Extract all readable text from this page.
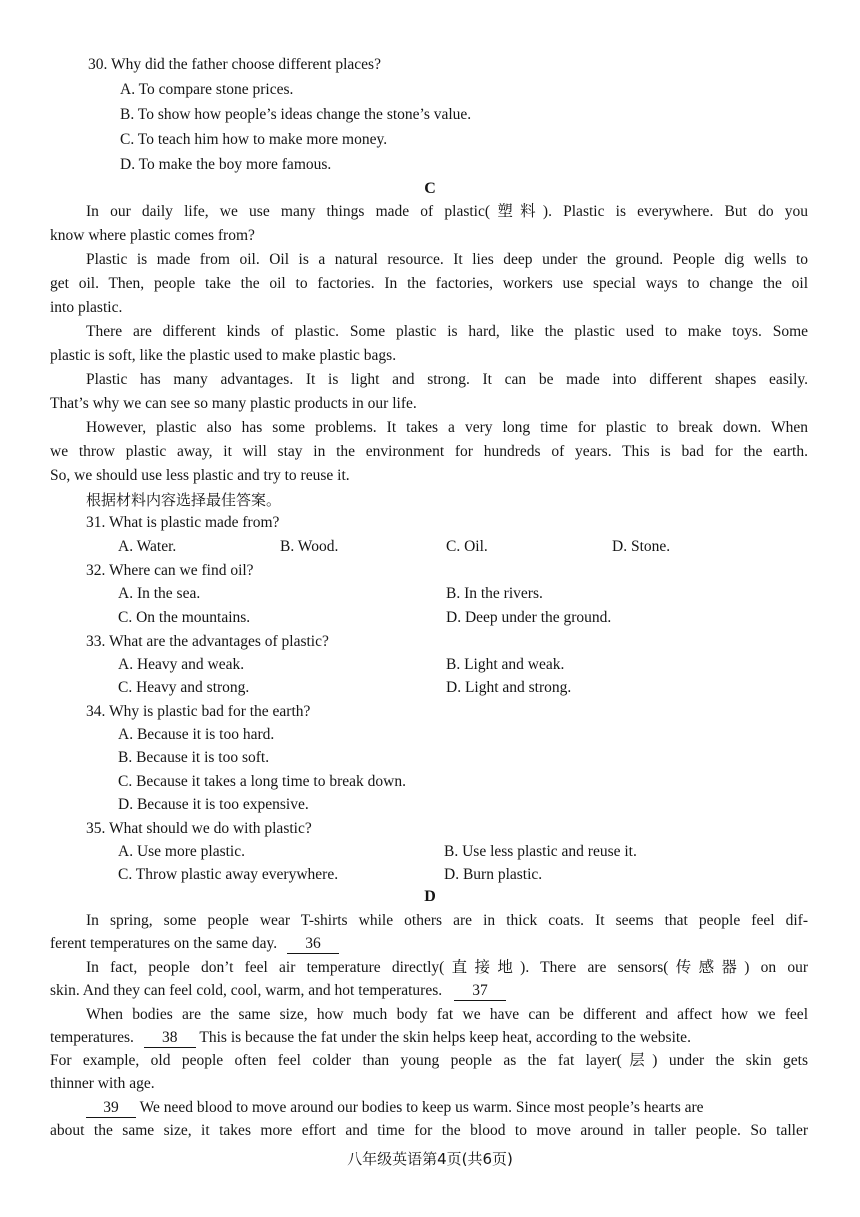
30. Why did the father choose different places?
A. To compare stone prices.
B. To show how people’s ideas change the stone’s value.
C. To teach him how to make more money.
D. To make the boy more famous.
C
In our daily life, we use many things made of plastic(塑料). Plastic is everywhere. But do you
know where plastic comes from?
Plastic is made from oil. Oil is a natural resource. It lies deep under the ground. People dig wells to
get oil. Then, people take the oil to factories. In the factories, workers use special ways to change the oil
into plastic.
There are different kinds of plastic. Some plastic is hard, like the plastic used to make toys. Some
plastic is soft, like the plastic used to make plastic bags.
Plastic has many advantages. It is light and strong. It can be made into different shapes easily.
That’s why we can see so many plastic products in our life.
However, plastic also has some problems. It takes a very long time for plastic to break down. When
we throw plastic away, it will stay in the environment for hundreds of years. This is bad for the earth.
So, we should use less plastic and try to reuse it.
根据材料内容选择最佳答案。
31. What is plastic made from?
A. Water.	B. Wood.	C. Oil.	D. Stone.
32. Where can we find oil?
A. In the sea.	B. In the rivers.
C. On the mountains.	D. Deep under the ground.
33. What are the advantages of plastic?
A. Heavy and weak.	B. Light and weak.
C. Heavy and strong.	D. Light and strong.
34. Why is plastic bad for the earth?
A. Because it is too hard.
B. Because it is too soft.
C. Because it takes a long time to break down.
D. Because it is too expensive.
35. What should we do with plastic?
A. Use more plastic.	B. Use less plastic and reuse it.
C. Throw plastic away everywhere.	D. Burn plastic.
D
In spring, some people wear T-shirts while others are in thick coats. It seems that people feel dif-
ferent temperatures on the same day. 36
In fact, people don’t feel air temperature directly(直接地). There are sensors(传感器) on our
skin. And they can feel cold, cool, warm, and hot temperatures. 37
When bodies are the same size, how much body fat we have can be different and affect how we feel
temperatures. 38 This is because the fat under the skin helps keep heat, according to the website.
For example, old people often feel colder than young people as the fat layer(层) under the skin gets
thinner with age.
39 We need blood to move around our bodies to keep us warm. Since most people’s hearts are
about the same size, it takes more effort and time for the blood to move around in taller people. So taller
八年级英语第4页(共6页)
